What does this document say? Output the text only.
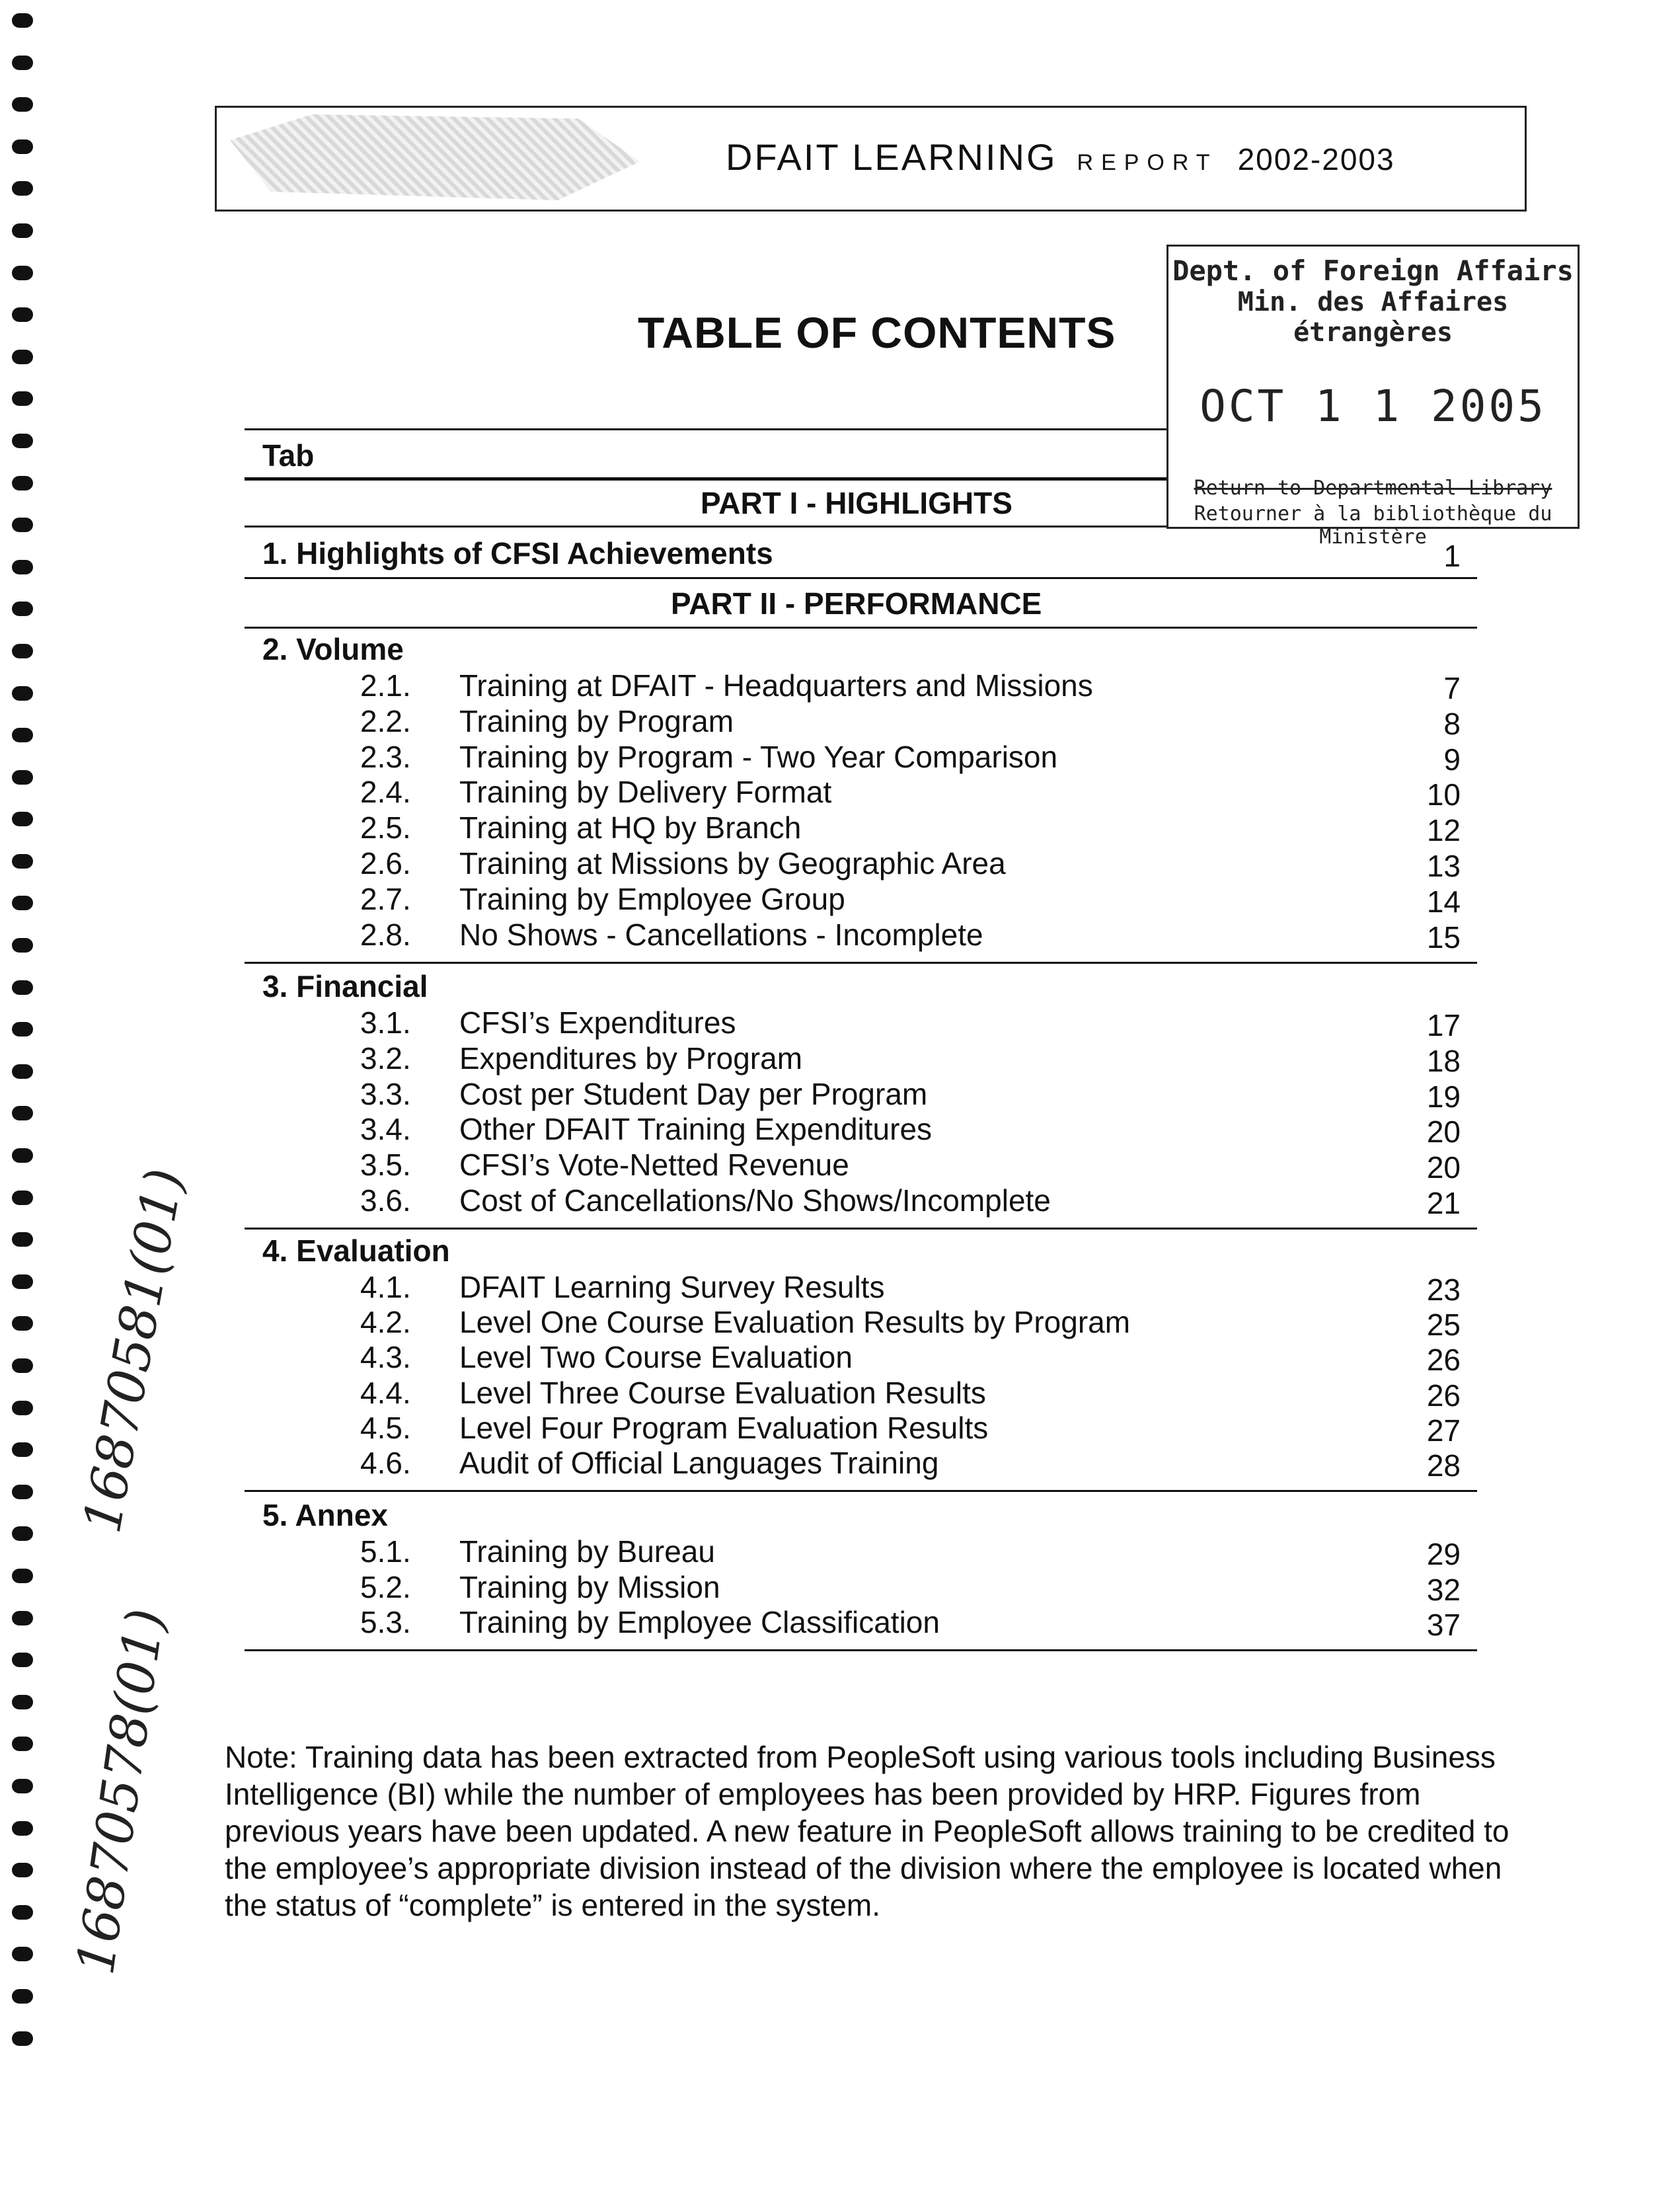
DFAIT LEARNING REPORT 2002-2003
Dept. of Foreign Affairs
Min. des Affaires étrangères
OCT 1 1 2005
Return to Departmental Library
Retourner à la bibliothèque du Ministère
TABLE OF CONTENTS
Tab
PART I - HIGHLIGHTS
1. Highlights of CFSI Achievements	1
PART II - PERFORMANCE
2. Volume
2.1. Training at DFAIT - Headquarters and Missions	7
2.2. Training by Program	8
2.3. Training by Program - Two Year Comparison	9
2.4. Training by Delivery Format	10
2.5. Training at HQ by Branch	12
2.6. Training at Missions by Geographic Area	13
2.7. Training by Employee Group	14
2.8. No Shows - Cancellations - Incomplete	15
3. Financial
3.1. CFSI’s Expenditures	17
3.2. Expenditures by Program	18
3.3. Cost per Student Day per Program	19
3.4. Other DFAIT Training Expenditures	20
3.5. CFSI’s Vote-Netted Revenue	20
3.6. Cost of Cancellations/No Shows/Incomplete	21
4. Evaluation
4.1. DFAIT Learning Survey Results	23
4.2. Level One Course Evaluation Results by Program	25
4.3. Level Two Course Evaluation	26
4.4. Level Three Course Evaluation Results	26
4.5. Level Four Program Evaluation Results	27
4.6. Audit of Official Languages Training	28
5. Annex
5.1. Training by Bureau	29
5.2. Training by Mission	32
5.3. Training by Employee Classification	37
Note: Training data has been extracted from PeopleSoft using various tools including Business Intelligence (BI) while the number of employees has been provided by HRP. Figures from previous years have been updated. A new feature in PeopleSoft allows training to be credited to the employee’s appropriate division instead of the division where the employee is located when the status of “complete” is entered in the system.
16870581(01)
16870578(01)
